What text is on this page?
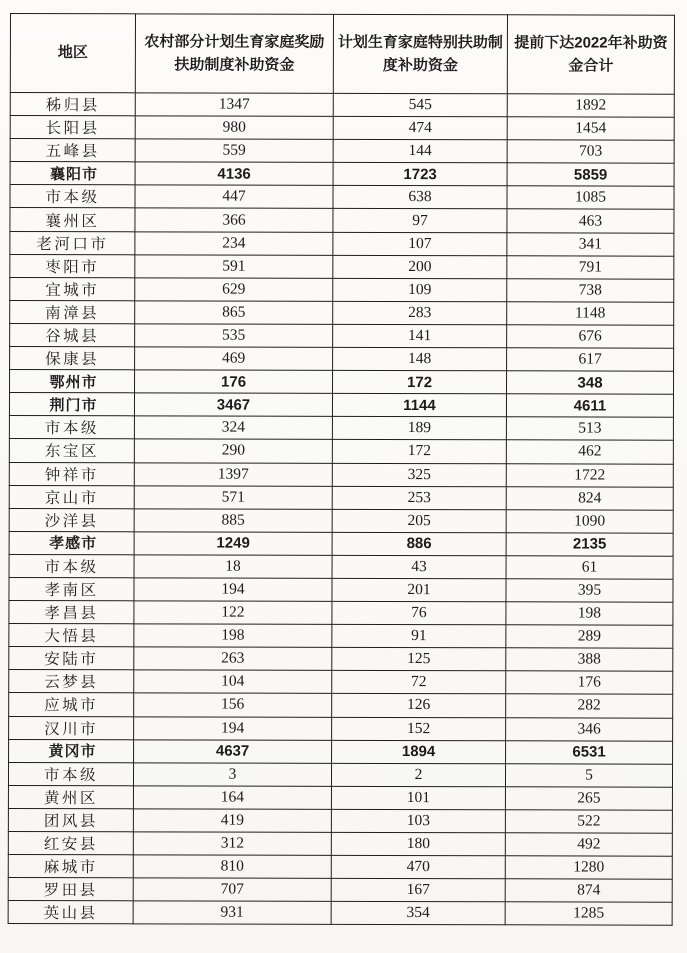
地区	农村部分计划生育家庭奖励扶助制度补助资金	计划生育家庭特别扶助制度补助资金	提前下达2022年补助资金合计
秭归县	1347	545	1892
长阳县	980	474	1454
五峰县	559	144	703
襄阳市	4136	1723	5859
市本级	447	638	1085
襄州区	366	97	463
老河口市	234	107	341
枣阳市	591	200	791
宜城市	629	109	738
南漳县	865	283	1148
谷城县	535	141	676
保康县	469	148	617
鄂州市	176	172	348
荆门市	3467	1144	4611
市本级	324	189	513
东宝区	290	172	462
钟祥市	1397	325	1722
京山市	571	253	824
沙洋县	885	205	1090
孝感市	1249	886	2135
市本级	18	43	61
孝南区	194	201	395
孝昌县	122	76	198
大悟县	198	91	289
安陆市	263	125	388
云梦县	104	72	176
应城市	156	126	282
汉川市	194	152	346
黄冈市	4637	1894	6531
市本级	3	2	5
黄州区	164	101	265
团风县	419	103	522
红安县	312	180	492
麻城市	810	470	1280
罗田县	707	167	874
英山县	931	354	1285
